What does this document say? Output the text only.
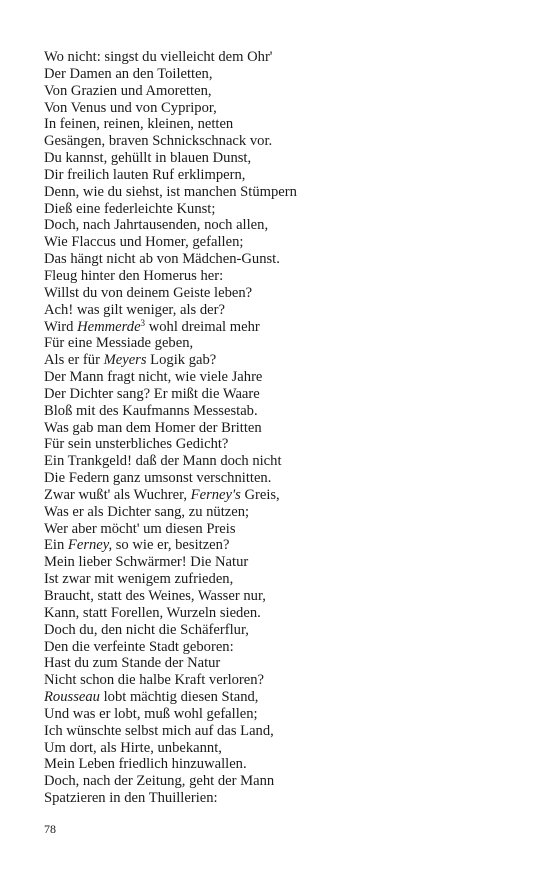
Wo nicht: singst du vielleicht dem Ohr'
Der Damen an den Toiletten,
Von Grazien und Amoretten,
Von Venus und von Cypripor,
In feinen, reinen, kleinen, netten
Gesängen, braven Schnickschnack vor.
Du kannst, gehüllt in blauen Dunst,
Dir freilich lauten Ruf erklimpern,
Denn, wie du siehst, ist manchen Stümpern
Dieß eine federleichte Kunst;
Doch, nach Jahrtausenden, noch allen,
Wie Flaccus und Homer, gefallen;
Das hängt nicht ab von Mädchen-Gunst.
Fleug hinter den Homerus her:
Willst du von deinem Geiste leben?
Ach! was gilt weniger, als der?
Wird Hemmerde$^3$ wohl dreimal mehr
Für eine Messiade geben,
Als er für Meyers Logik gab?
Der Mann fragt nicht, wie viele Jahre
Der Dichter sang? Er mißt die Waare
Bloß mit des Kaufmanns Messestab.
Was gab man dem Homer der Britten
Für sein unsterbliches Gedicht?
Ein Trankgeld! daß der Mann doch nicht
Die Federn ganz umsonst verschnitten.
Zwar wußt' als Wuchrer, Ferney's Greis,
Was er als Dichter sang, zu nützen;
Wer aber möcht' um diesen Preis
Ein Ferney, so wie er, besitzen?
Mein lieber Schwärmer! Die Natur
Ist zwar mit wenigem zufrieden,
Braucht, statt des Weines, Wasser nur,
Kann, statt Forellen, Wurzeln sieden.
Doch du, den nicht die Schäferflur,
Den die verfeinte Stadt geboren:
Hast du zum Stande der Natur
Nicht schon die halbe Kraft verloren?
Rousseau lobt mächtig diesen Stand,
Und was er lobt, muß wohl gefallen;
Ich wünschte selbst mich auf das Land,
Um dort, als Hirte, unbekannt,
Mein Leben friedlich hinzuwallen.
Doch, nach der Zeitung, geht der Mann
Spatzieren in den Thuillerien:
78
